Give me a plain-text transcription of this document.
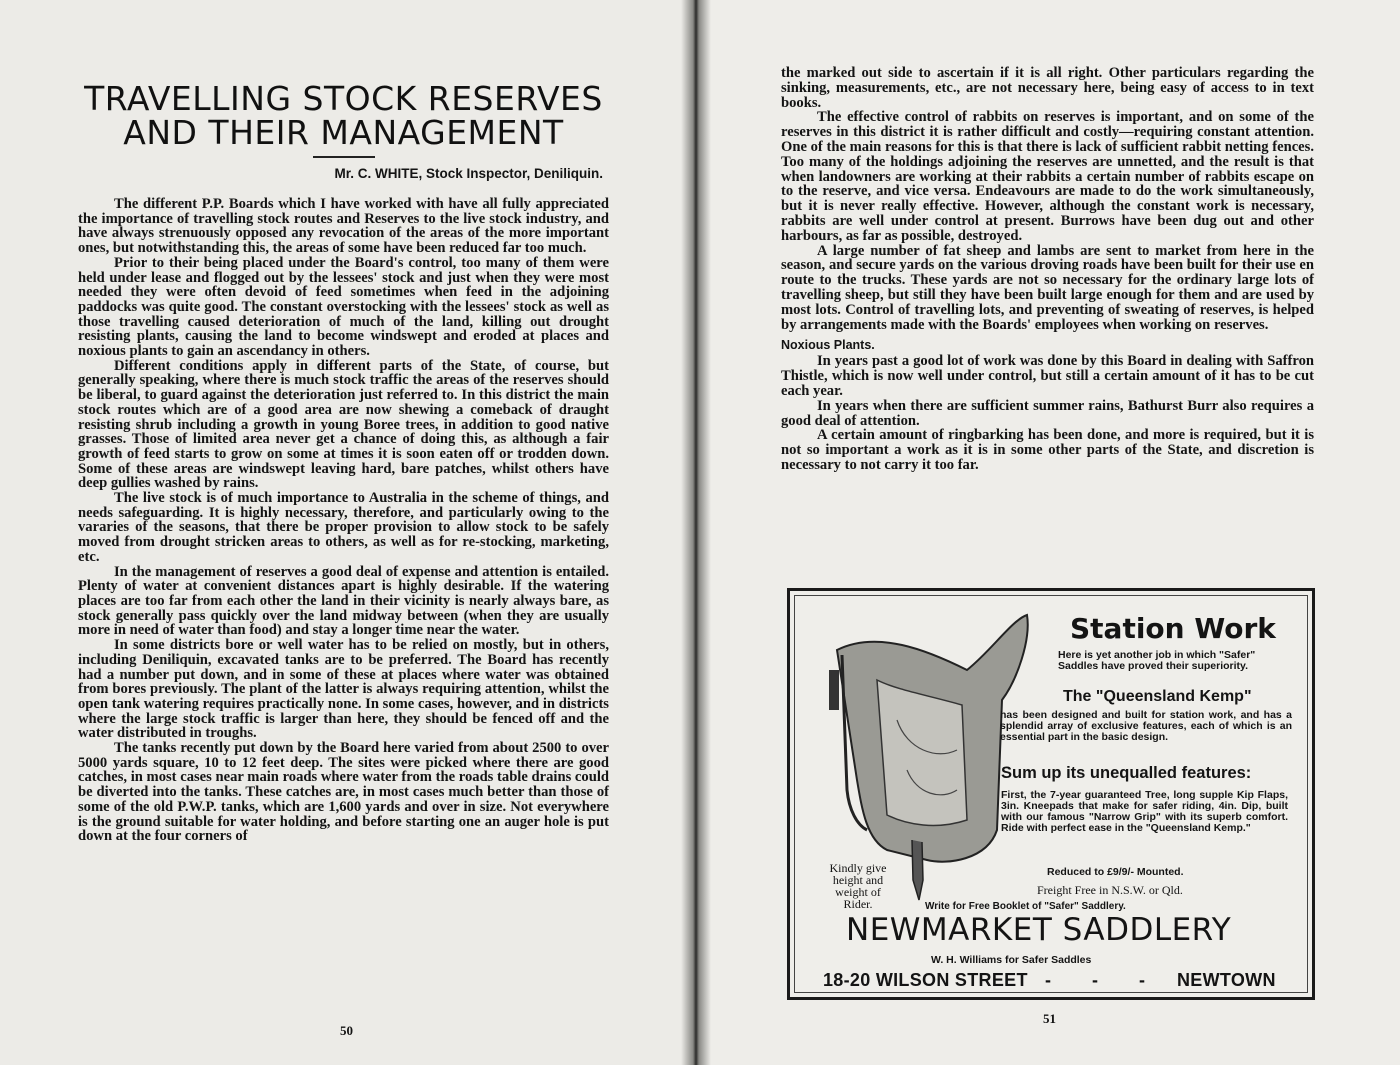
TRAVELLING STOCK RESERVES
AND THEIR MANAGEMENT

Mr. C. WHITE, Stock Inspector, Deniliquin.

The different P.P. Boards which I have worked with have all fully appreciated the importance of travelling stock routes and Reserves to the live stock industry, and have always strenuously opposed any revocation of the areas of the more important ones, but notwithstanding this, the areas of some have been reduced far too much.

Prior to their being placed under the Board's control, too many of them were held under lease and flogged out by the lessees' stock and just when they were most needed they were often devoid of feed sometimes when feed in the adjoining paddocks was quite good. The constant overstocking with the lessees' stock as well as those travelling caused deterioration of much of the land, killing out drought resisting plants, causing the land to become windswept and eroded at places and noxious plants to gain an ascendancy in others.

Different conditions apply in different parts of the State, of course, but generally speaking, where there is much stock traffic the areas of the reserves should be liberal, to guard against the deterioration just referred to. In this district the main stock routes which are of a good area are now shewing a comeback of draught resisting shrub including a growth in young Boree trees, in addition to good native grasses. Those of limited area never get a chance of doing this, as although a fair growth of feed starts to grow on some at times it is soon eaten off or trodden down. Some of these areas are windswept leaving hard, bare patches, whilst others have deep gullies washed by rains.

The live stock is of much importance to Australia in the scheme of things, and needs safeguarding. It is highly necessary, therefore, and particularly owing to the vararies of the seasons, that there be proper provision to allow stock to be safely moved from drought stricken areas to others, as well as for re-stocking, marketing, etc.

In the management of reserves a good deal of expense and attention is entailed. Plenty of water at convenient distances apart is highly desirable. If the watering places are too far from each other the land in their vicinity is nearly always bare, as stock generally pass quickly over the land midway between (when they are usually more in need of water than food) and stay a longer time near the water.

In some districts bore or well water has to be relied on mostly, but in others, including Deniliquin, excavated tanks are to be preferred. The Board has recently had a number put down, and in some of these at places where water was obtained from bores previously. The plant of the latter is always requiring attention, whilst the open tank watering requires practically none. In some cases, however, and in districts where the large stock traffic is larger than here, they should be fenced off and the water distributed in troughs.

The tanks recently put down by the Board here varied from about 2500 to over 5000 yards square, 10 to 12 feet deep. The sites were picked where there are good catches, in most cases near main roads where water from the roads table drains could be diverted into the tanks. These catches are, in most cases much better than those of some of the old P.W.P. tanks, which are 1,600 yards and over in size. Not everywhere is the ground suitable for water holding, and before starting one an auger hole is put down at the four corners of

50

the marked out side to ascertain if it is all right. Other particulars regarding the sinking, measurements, etc., are not necessary here, being easy of access to in text books.

The effective control of rabbits on reserves is important, and on some of the reserves in this district it is rather difficult and costly—requiring constant attention. One of the main reasons for this is that there is lack of sufficient rabbit netting fences. Too many of the holdings adjoining the reserves are unnetted, and the result is that when landowners are working at their rabbits a certain number of rabbits escape on to the reserve, and vice versa. Endeavours are made to do the work simultaneously, but it is never really effective. However, although the constant work is necessary, rabbits are well under control at present. Burrows have been dug out and other harbours, as far as possible, destroyed.

A large number of fat sheep and lambs are sent to market from here in the season, and secure yards on the various droving roads have been built for their use en route to the trucks. These yards are not so necessary for the ordinary large lots of travelling sheep, but still they have been built large enough for them and are used by most lots. Control of travelling lots, and preventing of sweating of reserves, is helped by arrangements made with the Boards' employees when working on reserves.

Noxious Plants.

In years past a good lot of work was done by this Board in dealing with Saffron Thistle, which is now well under control, but still a certain amount of it has to be cut each year.

In years when there are sufficient summer rains, Bathurst Burr also requires a good deal of attention.

A certain amount of ringbarking has been done, and more is required, but it is not so important a work as it is in some other parts of the State, and discretion is necessary to not carry it too far.

Station Work

Here is yet another job in which "Safer" Saddles have proved their superiority.

The "Queensland Kemp"

has been designed and built for station work, and has a splendid array of exclusive features, each of which is an essential part in the basic design.

Sum up its unequalled features:

First, the 7-year guaranteed Tree, long supple Kip Flaps, 3in. Kneepads that make for safer riding, 4in. Dip, built with our famous "Narrow Grip" with its superb comfort. Ride with perfect ease in the "Queensland Kemp."

Reduced to £9/9/- Mounted.

Freight Free in N.S.W. or Qld.

Kindly give height and weight of Rider.	Write for Free Booklet of "Safer" Saddlery.

NEWMARKET SADDLERY

W. H. Williams for Safer Saddles

18-20 WILSON STREET - - - NEWTOWN

51
